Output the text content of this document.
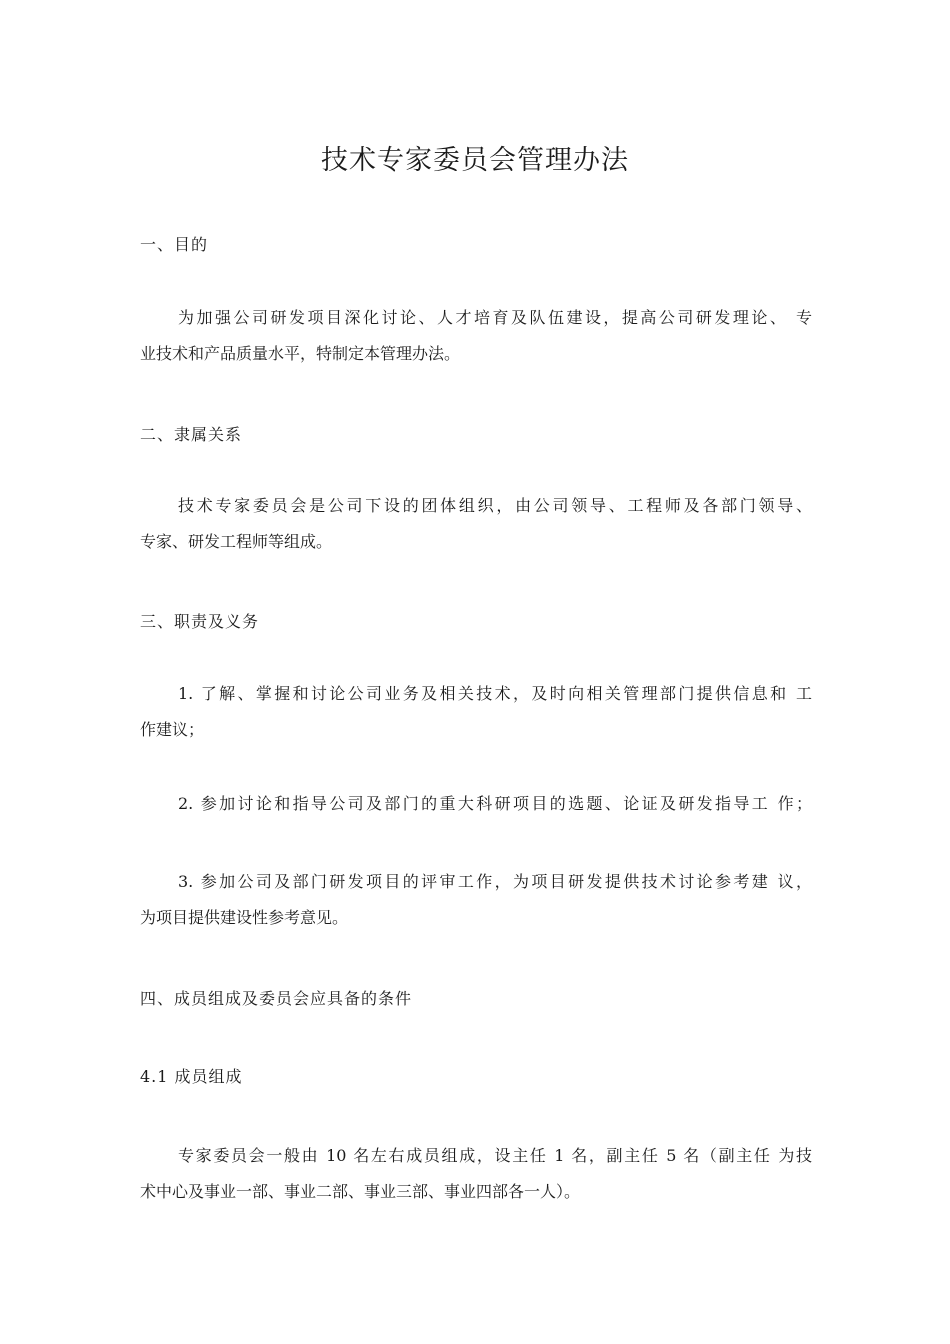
技术专家委员会管理办法
一、目的
为加强公司研发项目深化讨论、人才培育及队伍建设，提高公司研发理论、 专
业技术和产品质量水平，特制定本管理办法。
二、隶属关系
技术专家委员会是公司下设的团体组织，由公司领导、工程师及各部门领导、
专家、研发工程师等组成。
三、职责及义务
1. 了解、掌握和讨论公司业务及相关技术，及时向相关管理部门提供信息和 工
作建议；
2. 参加讨论和指导公司及部门的重大科研项目的选题、论证及研发指导工 作；
3. 参加公司及部门研发项目的评审工作，为项目研发提供技术讨论参考建 议，
为项目提供建设性参考意见。
四、成员组成及委员会应具备的条件
4.1 成员组成
专家委员会一般由 10 名左右成员组成，设主任 1 名，副主任 5 名（副主任 为技
术中心及事业一部、事业二部、事业三部、事业四部各一人）。
